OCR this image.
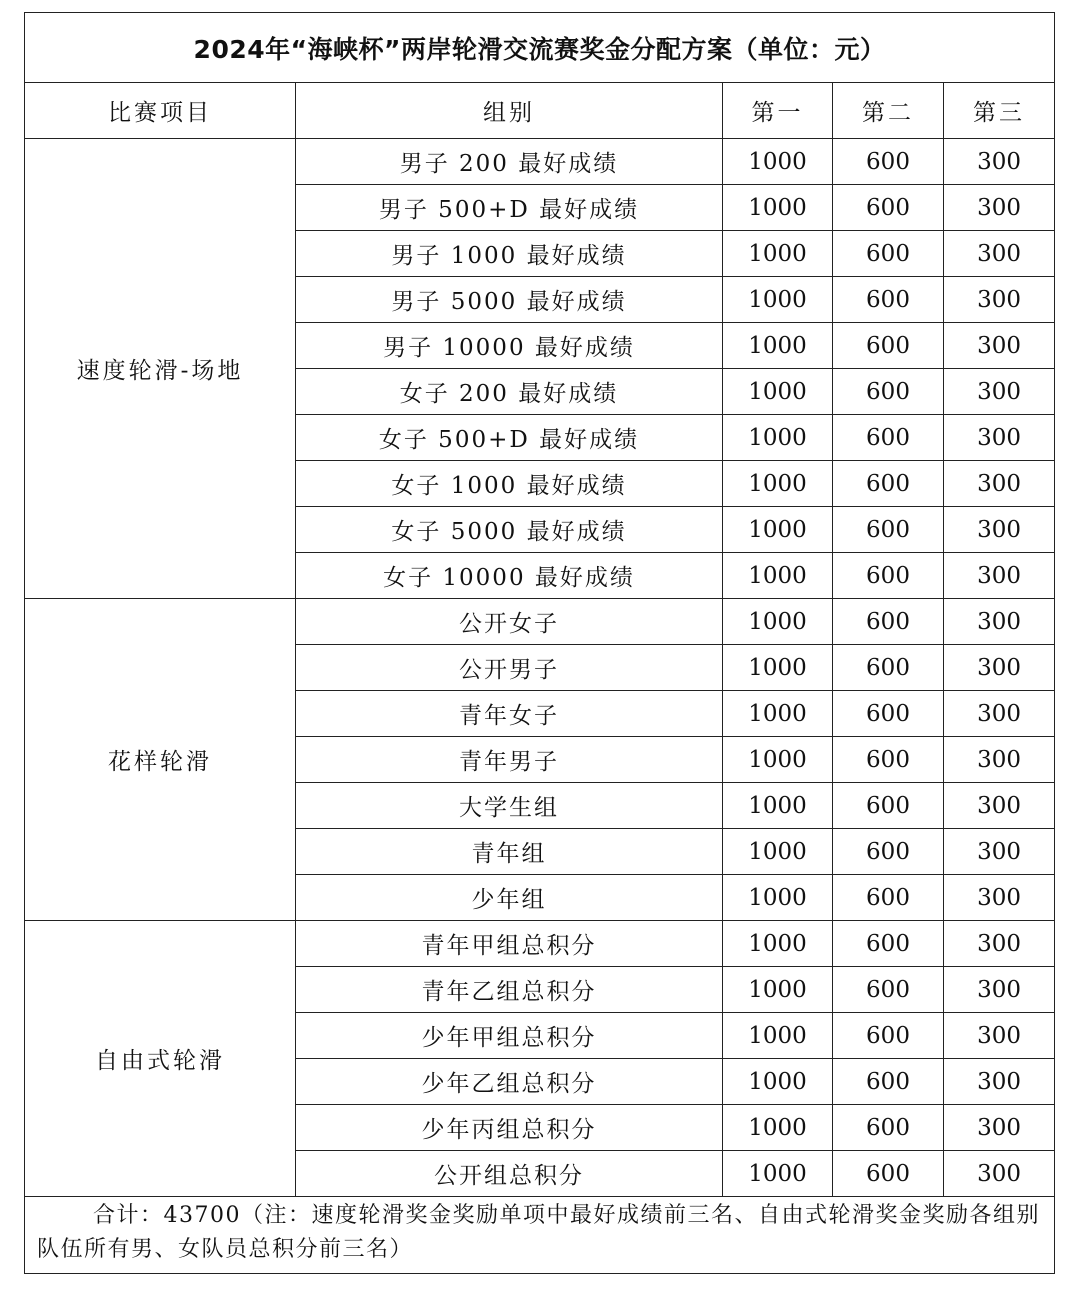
2024年“海峡杯”两岸轮滑交流赛奖金分配方案（单位：元）				
比赛项目	组别	第一	第二	第三
速度轮滑-场地	男子 200 最好成绩	1000	600	300
	男子 500+D 最好成绩	1000	600	300
	男子 1000 最好成绩	1000	600	300
	男子 5000 最好成绩	1000	600	300
	男子 10000 最好成绩	1000	600	300
	女子 200 最好成绩	1000	600	300
	女子 500+D 最好成绩	1000	600	300
	女子 1000 最好成绩	1000	600	300
	女子 5000 最好成绩	1000	600	300
	女子 10000 最好成绩	1000	600	300
花样轮滑	公开女子	1000	600	300
	公开男子	1000	600	300
	青年女子	1000	600	300
	青年男子	1000	600	300
	大学生组	1000	600	300
	青年组	1000	600	300
	少年组	1000	600	300
自由式轮滑	青年甲组总积分	1000	600	300
	青年乙组总积分	1000	600	300
	少年甲组总积分	1000	600	300
	少年乙组总积分	1000	600	300
	少年丙组总积分	1000	600	300
	公开组总积分	1000	600	300
合计：43700（注：速度轮滑奖金奖励单项中最好成绩前三名、自由式轮滑奖金奖励各组别队伍所有男、女队员总积分前三名）				
